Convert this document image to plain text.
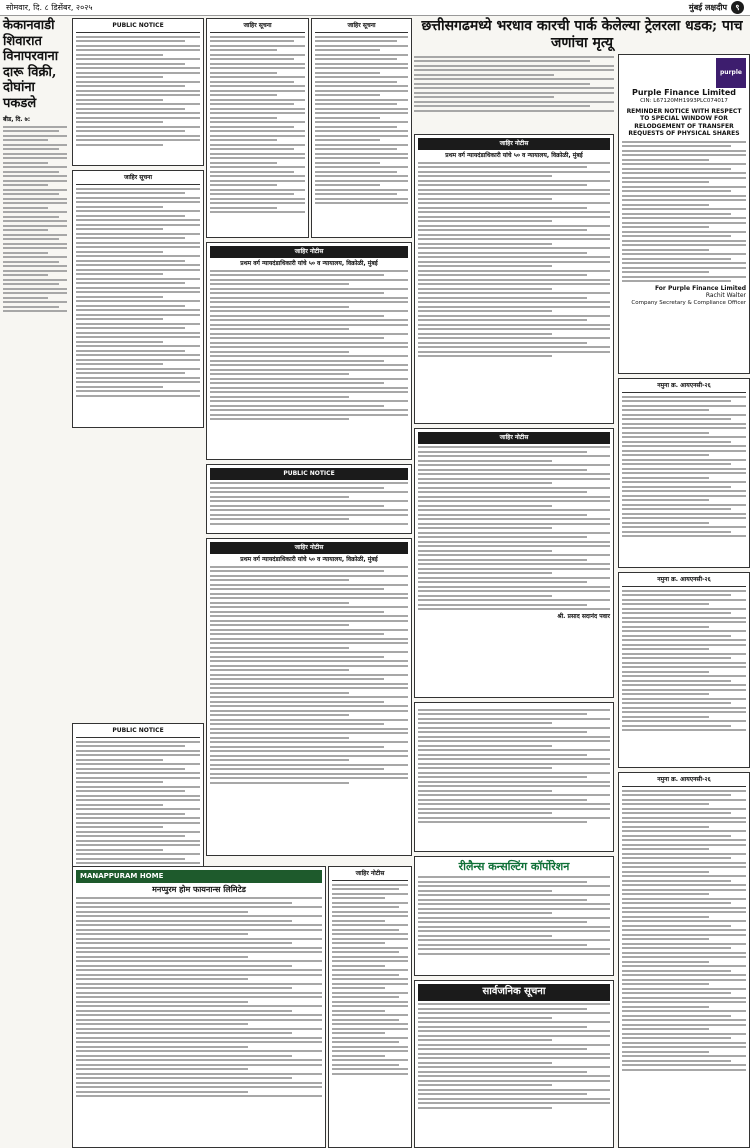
सोमवार, दि. ८ डिसेंबर, २०२५	मुंबई लक्षदीप	९
केकानवाडी शिवारात विनापरवाना दारू विक्री, दोघांना पकडले
बीड, दि. ७:
PUBLIC NOTICE
जाहिर सूचना
PUBLIC NOTICE
जाहिर सूचना	जाहिर सूचना
जाहिर नोटीस
प्रथम वर्ग न्यायदंडाधिकारी यांचे ५० व न्यायालय, विक्रोळी, मुंबई
PUBLIC NOTICE
जाहिर नोटीस
प्रथम वर्ग न्यायदंडाधिकारी यांचे ५० व न्यायालय, विक्रोळी, मुंबई
MANAPPURAM HOME
मनप्पुरम होम फायनान्स लिमिटेड
जाहिर नोटीस
छत्तीसगढमध्ये भरधाव कारची पार्क केलेल्या ट्रेलरला धडक; पाच जणांचा मृत्यू
purple
Purple Finance Limited
CIN: L67120MH1993PLC074017
REMINDER NOTICE WITH RESPECT TO SPECIAL WINDOW FOR RELODGEMENT OF TRANSFER REQUESTS OF PHYSICAL SHARES
For Purple Finance Limited
Rachit Walter
Company Secretary & Compliance Officer
जाहिर नोटीस
प्रथम वर्ग न्यायदंडाधिकारी यांचे ५० व न्यायालय, विक्रोळी, मुंबई
जाहिर नोटीस
श्री. प्रसाद सदानंद पवार
नमुना क्र. आयएनसी-२६
नमुना क्र. आयएनसी-२६
रीलैन्स कन्सल्टिंग कॉर्पोरेशन
सार्वजनिक सूचना
नमुना क्र. आयएनसी-२६
